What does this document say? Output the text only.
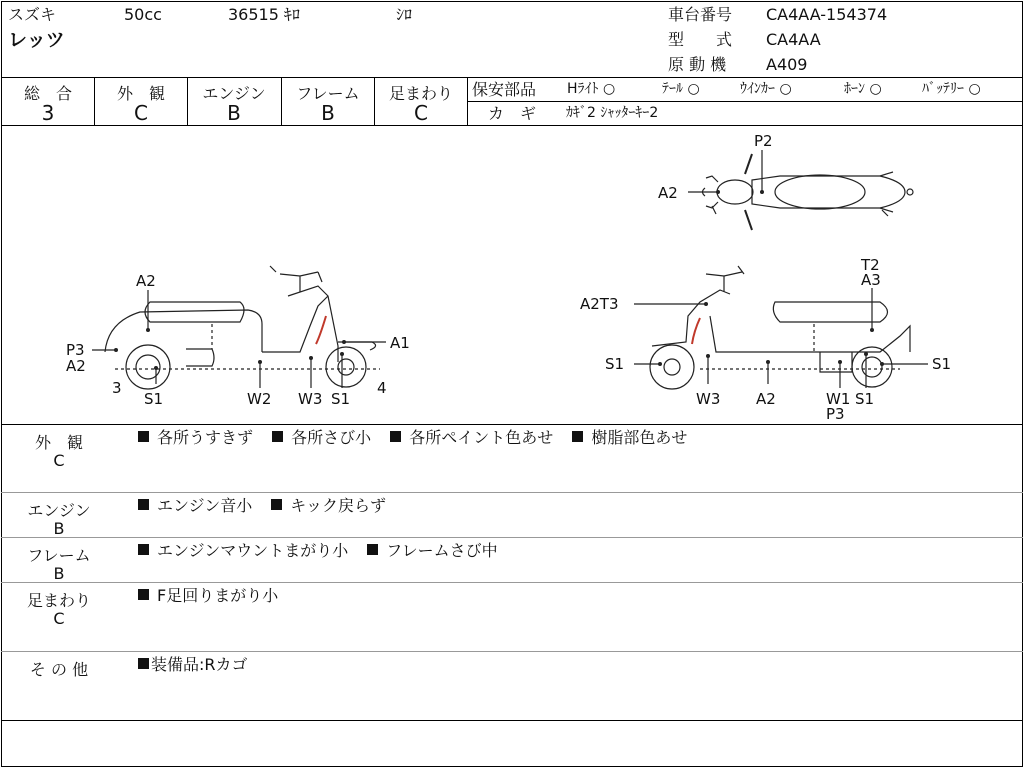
スズキ	50cc	36515 ｷﾛ	ｼﾛ
レッツ
車台番号 CA4AA-154374
型　　式 CA4AA
原 動 機 A409
総　合
3
外　観
C
エンジン
B
フレーム
B
足まわり
C
保安部品 Hﾗｲﾄ ○	ﾃｰﾙ ○	ｳｲﾝｶｰ ○	ﾎｰﾝ ○	ﾊﾞｯﾃﾘｰ ○
カ　ギ ｶｷﾞ2 ｼｬｯﾀｰｷｰ2
P2
A2
A2
P3
A2
3
S1	W2 W3 S1
4
A1
T2
A3
A2T3
S1
W3 A2	W1 S1
P3
S1
外　観
C
各所うすきず 各所さび小 各所ペイント色あせ 樹脂部色あせ
エンジン
B
エンジン音小 キック戻らず
フレーム
B
エンジンマウントまがり小 フレームさび中
足まわり
C
F足回りまがり小
そ の 他	装備品:Rカゴ
